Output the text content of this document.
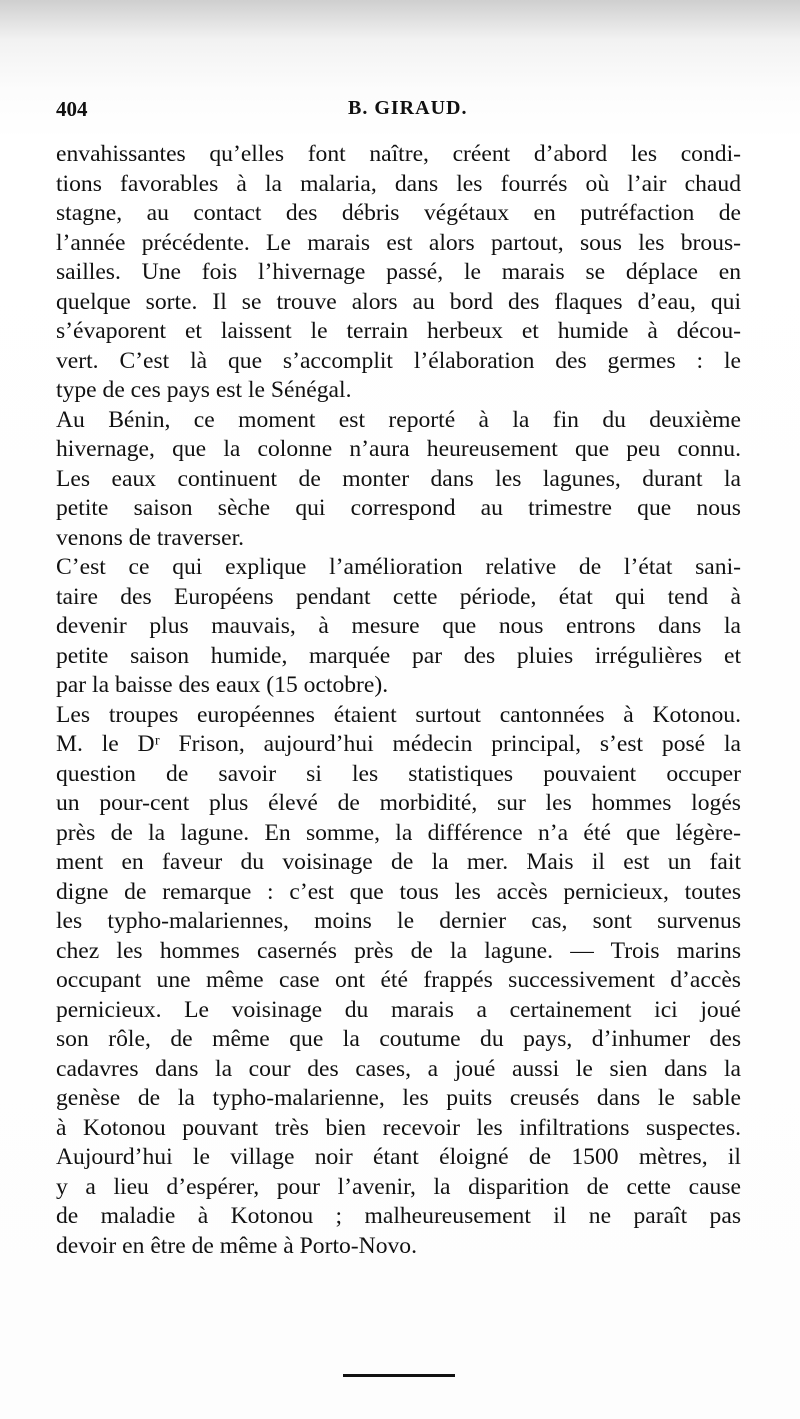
404	B. GIRAUD.
envahissantes qu’elles font naître, créent d’abord les condi-
tions favorables à la malaria, dans les fourrés où l’air chaud
stagne, au contact des débris végétaux en putréfaction de
l’année précédente. Le marais est alors partout, sous les brous-
sailles. Une fois l’hivernage passé, le marais se déplace en
quelque sorte. Il se trouve alors au bord des flaques d’eau, qui
s’évaporent et laissent le terrain herbeux et humide à décou-
vert. C’est là que s’accomplit l’élaboration des germes : le
type de ces pays est le Sénégal.
Au Bénin, ce moment est reporté à la fin du deuxième
hivernage, que la colonne n’aura heureusement que peu connu.
Les eaux continuent de monter dans les lagunes, durant la
petite saison sèche qui correspond au trimestre que nous
venons de traverser.
C’est ce qui explique l’amélioration relative de l’état sani-
taire des Européens pendant cette période, état qui tend à
devenir plus mauvais, à mesure que nous entrons dans la
petite saison humide, marquée par des pluies irrégulières et
par la baisse des eaux (15 octobre).
Les troupes européennes étaient surtout cantonnées à Kotonou.
M. le Dʳ Frison, aujourd’hui médecin principal, s’est posé la
question de savoir si les statistiques pouvaient occuper
un pour-cent plus élevé de morbidité, sur les hommes logés
près de la lagune. En somme, la différence n’a été que légère-
ment en faveur du voisinage de la mer. Mais il est un fait
digne de remarque : c’est que tous les accès pernicieux, toutes
les typho-malariennes, moins le dernier cas, sont survenus
chez les hommes casernés près de la lagune. — Trois marins
occupant une même case ont été frappés successivement d’accès
pernicieux. Le voisinage du marais a certainement ici joué
son rôle, de même que la coutume du pays, d’inhumer des
cadavres dans la cour des cases, a joué aussi le sien dans la
genèse de la typho-malarienne, les puits creusés dans le sable
à Kotonou pouvant très bien recevoir les infiltrations suspectes.
Aujourd’hui le village noir étant éloigné de 1500 mètres, il
y a lieu d’espérer, pour l’avenir, la disparition de cette cause
de maladie à Kotonou ; malheureusement il ne paraît pas
devoir en être de même à Porto-Novo.
